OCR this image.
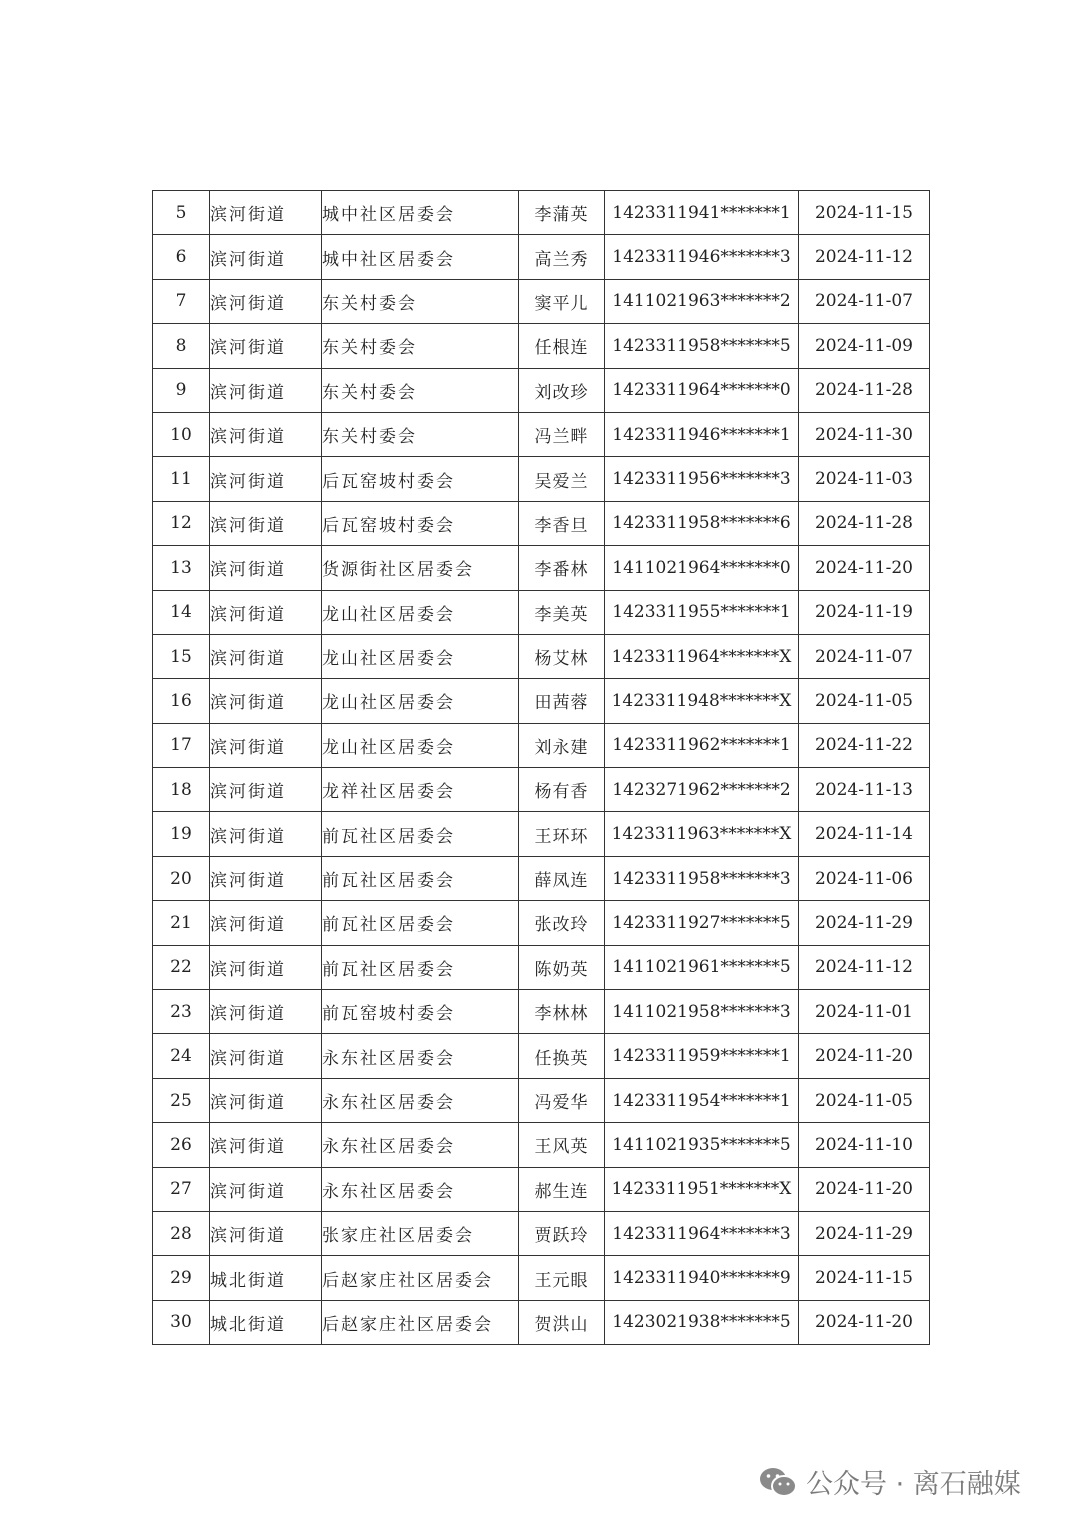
5	滨河街道	城中社区居委会	李蒲英	1423311941*******1	2024-11-15
6	滨河街道	城中社区居委会	高兰秀	1423311946*******3	2024-11-12
7	滨河街道	东关村委会	窦平儿	1411021963*******2	2024-11-07
8	滨河街道	东关村委会	任根连	1423311958*******5	2024-11-09
9	滨河街道	东关村委会	刘改珍	1423311964*******0	2024-11-28
10	滨河街道	东关村委会	冯兰畔	1423311946*******1	2024-11-30
11	滨河街道	后瓦窑坡村委会	吴爱兰	1423311956*******3	2024-11-03
12	滨河街道	后瓦窑坡村委会	李香旦	1423311958*******6	2024-11-28
13	滨河街道	货源街社区居委会	李番林	1411021964*******0	2024-11-20
14	滨河街道	龙山社区居委会	李美英	1423311955*******1	2024-11-19
15	滨河街道	龙山社区居委会	杨艾林	1423311964*******X	2024-11-07
16	滨河街道	龙山社区居委会	田茜蓉	1423311948*******X	2024-11-05
17	滨河街道	龙山社区居委会	刘永建	1423311962*******1	2024-11-22
18	滨河街道	龙祥社区居委会	杨有香	1423271962*******2	2024-11-13
19	滨河街道	前瓦社区居委会	王环环	1423311963*******X	2024-11-14
20	滨河街道	前瓦社区居委会	薛凤连	1423311958*******3	2024-11-06
21	滨河街道	前瓦社区居委会	张改玲	1423311927*******5	2024-11-29
22	滨河街道	前瓦社区居委会	陈奶英	1411021961*******5	2024-11-12
23	滨河街道	前瓦窑坡村委会	李林林	1411021958*******3	2024-11-01
24	滨河街道	永东社区居委会	任换英	1423311959*******1	2024-11-20
25	滨河街道	永东社区居委会	冯爱华	1423311954*******1	2024-11-05
26	滨河街道	永东社区居委会	王风英	1411021935*******5	2024-11-10
27	滨河街道	永东社区居委会	郝生连	1423311951*******X	2024-11-20
28	滨河街道	张家庄社区居委会	贾跃玲	1423311964*******3	2024-11-29
29	城北街道	后赵家庄社区居委会	王元眼	1423311940*******9	2024-11-15
30	城北街道	后赵家庄社区居委会	贺洪山	1423021938*******5	2024-11-20
公众号 · 离石融媒
